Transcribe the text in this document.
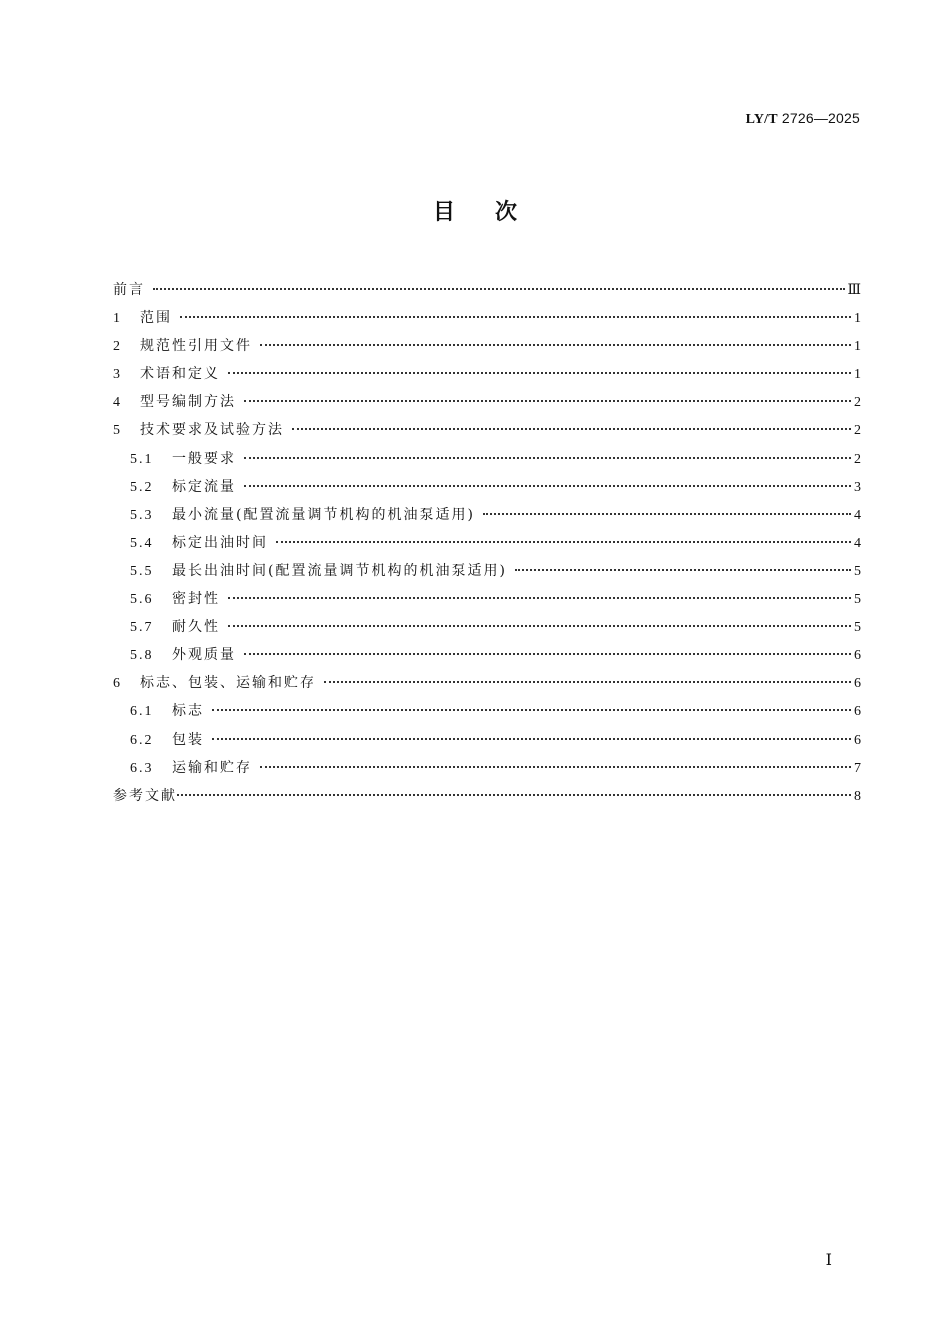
LY/T 2726—2025
目次
前言	Ⅲ
1	范围	1
2	规范性引用文件	1
3	术语和定义	1
4	型号编制方法	2
5	技术要求及试验方法	2
5.1	一般要求	2
5.2	标定流量	3
5.3	最小流量(配置流量调节机构的机油泵适用)	4
5.4	标定出油时间	4
5.5	最长出油时间(配置流量调节机构的机油泵适用)	5
5.6	密封性	5
5.7	耐久性	5
5.8	外观质量	6
6	标志、包装、运输和贮存	6
6.1	标志	6
6.2	包装	6
6.3	运输和贮存	7
参考文献	8
Ⅰ
